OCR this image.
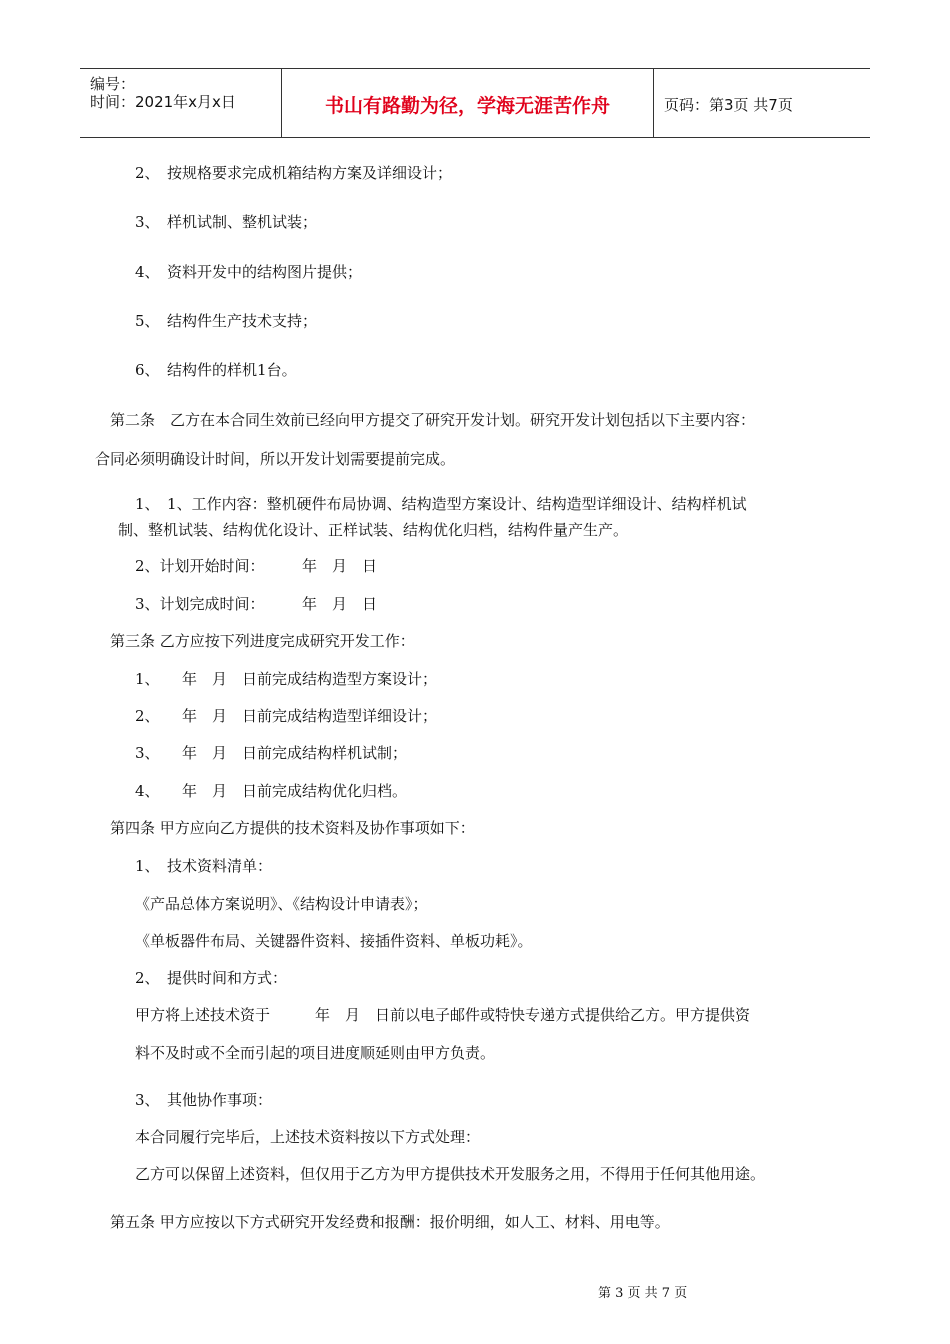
编号：
时间：2021年x月x日	书山有路勤为径，学海无涯苦作舟	页码：第3页 共7页
2、　按规格要求完成机箱结构方案及详细设计；
3、　样机试制、整机试装；
4、　资料开发中的结构图片提供；
5、　结构件生产技术支持；
6、　结构件的样机1台。
第二条　乙方在本合同生效前已经向甲方提交了研究开发计划。研究开发计划包括以下主要内容：
合同必须明确设计时间，所以开发计划需要提前完成。
1、　1、工作内容：整机硬件布局协调、结构造型方案设计、结构造型详细设计、结构样机试
制、整机试装、结构优化设计、正样试装、结构优化归档，结构件量产生产。
2、计划开始时间：　　　年　月　日
3、计划完成时间：　　　年　月　日
第三条 乙方应按下列进度完成研究开发工作：
1、　　年　月　日前完成结构造型方案设计；
2、　　年　月　日前完成结构造型详细设计；
3、　　年　月　日前完成结构样机试制；
4、　　年　月　日前完成结构优化归档。
第四条 甲方应向乙方提供的技术资料及协作事项如下：
1、　技术资料清单：
《产品总体方案说明》、《结构设计申请表》；
《单板器件布局、关键器件资料、接插件资料、单板功耗》。
2、　提供时间和方式：
甲方将上述技术资于　　　年　月　日前以电子邮件或特快专递方式提供给乙方。甲方提供资
料不及时或不全而引起的项目进度顺延则由甲方负责。
3、　其他协作事项：
本合同履行完毕后，上述技术资料按以下方式处理：
乙方可以保留上述资料，但仅用于乙方为甲方提供技术开发服务之用，不得用于任何其他用途。
第五条 甲方应按以下方式研究开发经费和报酬：报价明细，如人工、材料、用电等。
第 3 页 共 7 页
